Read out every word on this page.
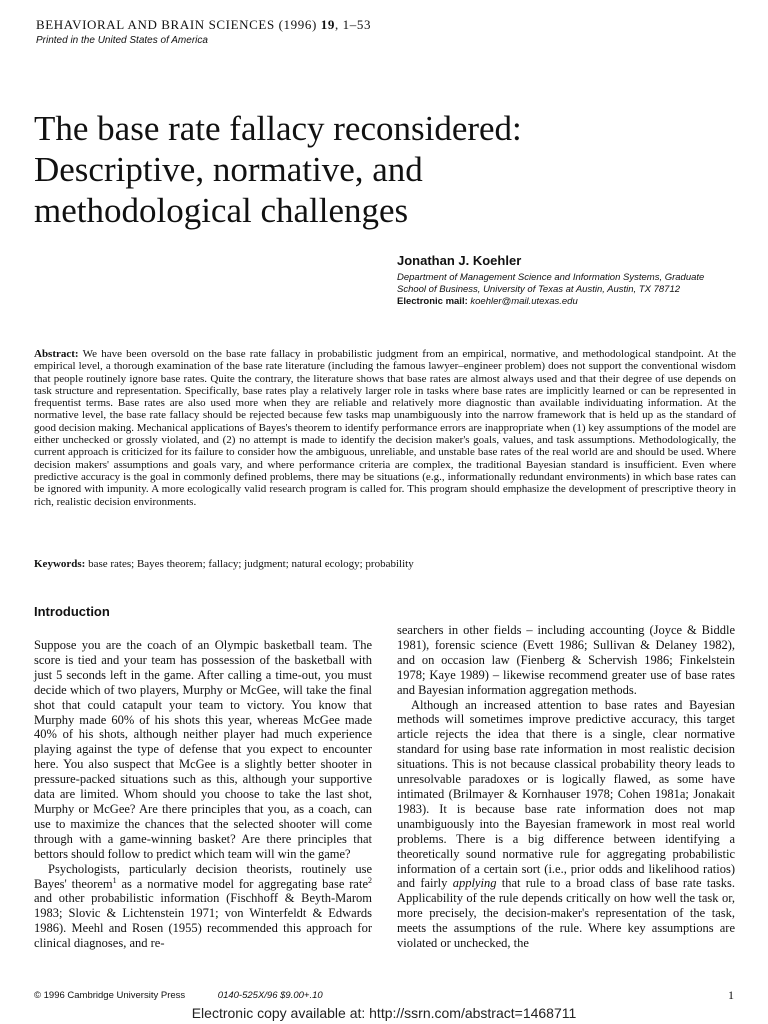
BEHAVIORAL AND BRAIN SCIENCES (1996) 19, 1–53
Printed in the United States of America
The base rate fallacy reconsidered:
Descriptive, normative, and
methodological challenges
Jonathan J. Koehler
Department of Management Science and Information Systems, Graduate
School of Business, University of Texas at Austin, Austin, TX 78712
Electronic mail: koehler@mail.utexas.edu
Abstract: We have been oversold on the base rate fallacy in probabilistic judgment from an empirical, normative, and methodological standpoint. At the empirical level, a thorough examination of the base rate literature (including the famous lawyer–engineer problem) does not support the conventional wisdom that people routinely ignore base rates. Quite the contrary, the literature shows that base rates are almost always used and that their degree of use depends on task structure and representation. Specifically, base rates play a relatively larger role in tasks where base rates are implicitly learned or can be represented in frequentist terms. Base rates are also used more when they are reliable and relatively more diagnostic than available individuating information. At the normative level, the base rate fallacy should be rejected because few tasks map unambiguously into the narrow framework that is held up as the standard of good decision making. Mechanical applications of Bayes's theorem to identify performance errors are inappropriate when (1) key assumptions of the model are either unchecked or grossly violated, and (2) no attempt is made to identify the decision maker's goals, values, and task assumptions. Methodologically, the current approach is criticized for its failure to consider how the ambiguous, unreliable, and unstable base rates of the real world are and should be used. Where decision makers' assumptions and goals vary, and where performance criteria are complex, the traditional Bayesian standard is insufficient. Even where predictive accuracy is the goal in commonly defined problems, there may be situations (e.g., informationally redundant environments) in which base rates can be ignored with impunity. A more ecologically valid research program is called for. This program should emphasize the development of prescriptive theory in rich, realistic decision environments.
Keywords: base rates; Bayes theorem; fallacy; judgment; natural ecology; probability
Introduction

Suppose you are the coach of an Olympic basketball team. The score is tied and your team has possession of the basketball with just 5 seconds left in the game. After calling a time-out, you must decide which of two players, Murphy or McGee, will take the final shot that could catapult your team to victory. You know that Murphy made 60% of his shots this year, whereas McGee made 40% of his shots, although neither player had much experience playing against the type of defense that you expect to encounter here. You also suspect that McGee is a slightly better shooter in pressure-packed situations such as this, although your supportive data are limited. Whom should you choose to take the last shot, Murphy or McGee? Are there principles that you, as a coach, can use to maximize the chances that the selected shooter will come through with a game-winning basket? Are there principles that bettors should follow to predict which team will win the game?

Psychologists, particularly decision theorists, routinely use Bayes' theorem$^1$ as a normative model for aggregating base rate$^2$ and other probabilistic information (Fischhoff & Beyth-Marom 1983; Slovic & Lichtenstein 1971; von Winterfeldt & Edwards 1986). Meehl and Rosen (1955) recommended this approach for clinical diagnoses, and re-

searchers in other fields – including accounting (Joyce & Biddle 1981), forensic science (Evett 1986; Sullivan & Delaney 1982), and on occasion law (Fienberg & Schervish 1986; Finkelstein 1978; Kaye 1989) – likewise recommend greater use of base rates and Bayesian information aggregation methods.

Although an increased attention to base rates and Bayesian methods will sometimes improve predictive accuracy, this target article rejects the idea that there is a single, clear normative standard for using base rate information in most realistic decision situations. This is not because classical probability theory leads to unresolvable paradoxes or is logically flawed, as some have intimated (Brilmayer & Kornhauser 1978; Cohen 1981a; Jonakait 1983). It is because base rate information does not map unambiguously into the Bayesian framework in most real world problems. There is a big difference between identifying a theoretically sound normative rule for aggregating probabilistic information of a certain sort (i.e., prior odds and likelihood ratios) and fairly applying that rule to a broad class of base rate tasks. Applicability of the rule depends critically on how well the task or, more precisely, the decision-maker's representation of the task, meets the assumptions of the rule. Where key assumptions are violated or unchecked, the

© 1996 Cambridge University Press	0140-525X/96 $9.00+.10	1
Electronic copy available at: http://ssrn.com/abstract=1468711
